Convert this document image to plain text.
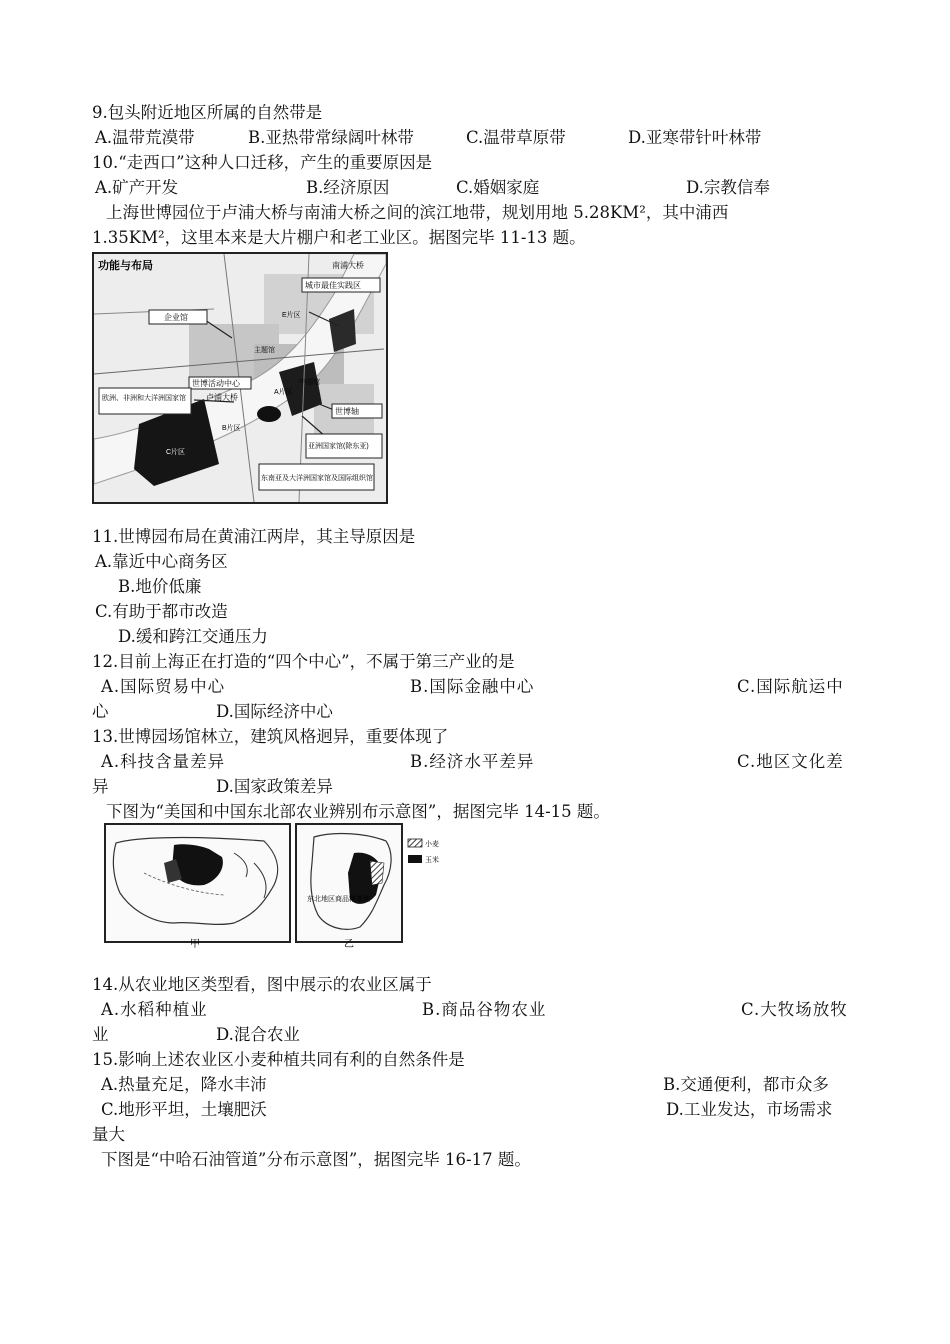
9.包头附近地区所属的自然带是
A.温带荒漠带	B.亚热带常绿阔叶林带	C.温带草原带	D.亚寒带针叶林带
10.“走西口”这种人口迁移，产生的重要原因是
A.矿产开发	B.经济原因	C.婚姻家庭	D.宗教信奉
上海世博园位于卢浦大桥与南浦大桥之间的滨江地带，规划用地 5.28KM²，其中浦西
1.35KM²，这里本来是大片棚户和老工业区。据图完毕 11-13 题。
功能与布局	南浦大桥
城市最佳实践区
企业馆	E片区
世博活动中心
卢浦大桥
欧洲、非洲和大洋洲国家馆
主题馆
中国馆
A片区
B片区
C片区
世博轴
亚洲国家馆(除东亚)
东南亚及大洋洲国家馆及国际组织馆
11.世博园布局在黄浦江两岸，其主导原因是
A.靠近中心商务区
B.地价低廉
C.有助于都市改造
D.缓和跨江交通压力
12.目前上海正在打造的“四个中心”，不属于第三产业的是
A.国际贸易中心	B.国际金融中心	C.国际航运中
心	D.国际经济中心
13.世博园场馆林立，建筑风格迥异，重要体现了
A.科技含量差异	B.经济水平差异	C.地区文化差
异	D.国家政策差异
下图为“美国和中国东北部农业辨别布示意图”，据图完毕 14-15 题。
甲
东北地区商品粮基地
乙
小麦
玉米
14.从农业地区类型看，图中展示的农业区属于
A.水稻种植业	B.商品谷物农业	C.大牧场放牧
业	D.混合农业
15.影响上述农业区小麦种植共同有利的自然条件是
A.热量充足，降水丰沛	B.交通便利，都市众多
C.地形平坦，土壤肥沃	D.工业发达，市场需求
量大
下图是“中哈石油管道”分布示意图”，据图完毕 16-17 题。
